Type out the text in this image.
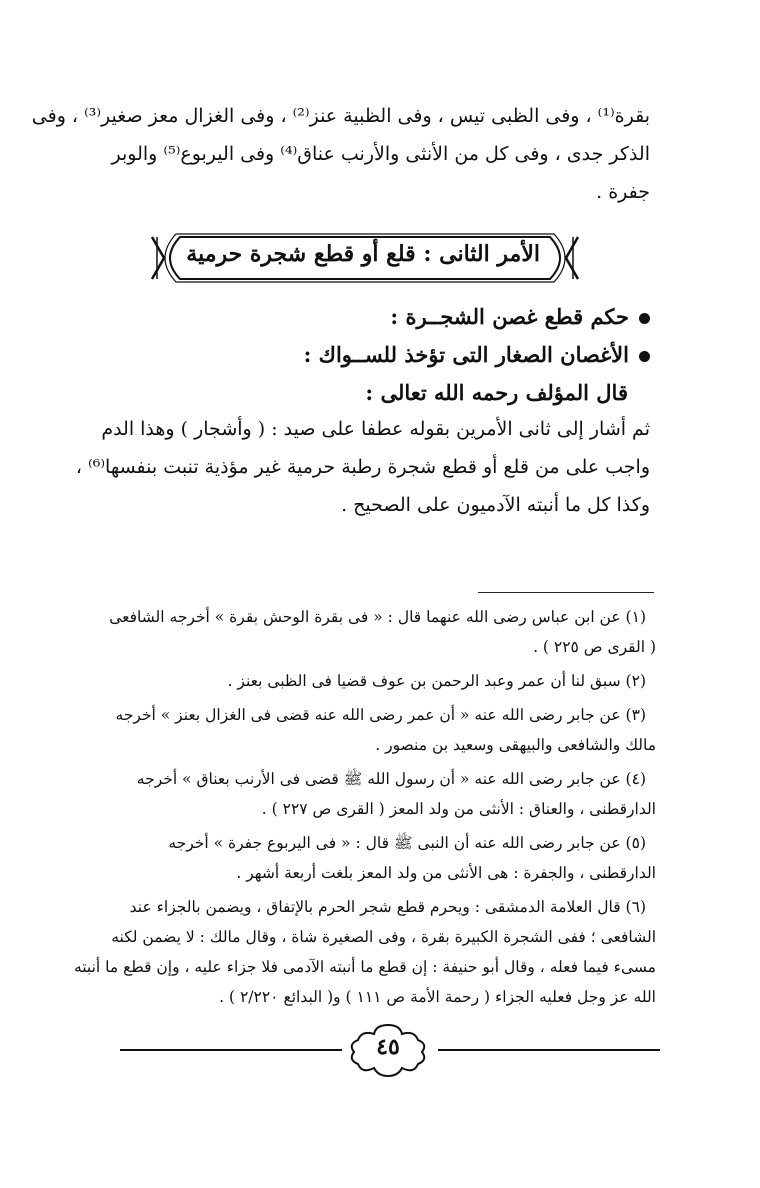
بقرة⁽¹⁾ ، وفى الظبى تيس ، وفى الظبية عنز⁽²⁾ ، وفى الغزال معز صغير⁽³⁾ ، وفى
الذكر جدى ، وفى كل من الأنثى والأرنب عناق⁽⁴⁾ وفى اليربوع⁽⁵⁾ والوبر
جفرة .

الأمر الثانى : قلع أو قطع شجرة حرمية
حكم قطع غصن الشجــرة :
الأغصان الصغار التى تؤخذ للســواك :
قال المؤلف رحمه الله تعالى :

ثم أشار إلى ثانى الأمرين بقوله عطفا على صيد : ( وأشجار ) وهذا الدم
واجب على من قلع أو قطع شجرة رطبة حرمية غير مؤذية تنبت بنفسها⁽⁶⁾ ،
وكذا كل ما أنبته الآدميون على الصحيح .

(١) عن ابن عباس رضى الله عنهما قال : « فى بقرة الوحش بقرة » أخرجه الشافعى
( القرى ص ٢٢٥ ) .
(٢) سبق لنا أن عمر وعبد الرحمن بن عوف قضيا فى الظبى بعنز .
(٣) عن جابر رضى الله عنه « أن عمر رضى الله عنه قضى فى الغزال بعنز » أخرجه
مالك والشافعى والبيهقى وسعيد بن منصور .
(٤) عن جابر رضى الله عنه « أن رسول الله ﷺ قضى فى الأرنب بعناق » أخرجه
الدارقطنى ، والعناق : الأنثى من ولد المعز ( القرى ص ٢٢٧ ) .
(٥) عن جابر رضى الله عنه أن النبى ﷺ قال : « فى اليربوع جفرة » أخرجه
الدارقطنى ، والجفرة : هى الأنثى من ولد المعز بلغت أربعة أشهر .
(٦) قال العلامة الدمشقى : ويحرم قطع شجر الحرم بالإتفاق ، ويضمن بالجزاء عند
الشافعى ؛ ففى الشجرة الكبيرة بقرة ، وفى الصغيرة شاة ، وقال مالك : لا يضمن لكنه
مسىء فيما فعله ، وقال أبو حنيفة : إن قطع ما أنبته الآدمى فلا جزاء عليه ، وإن قطع ما أنبته
الله عز وجل فعليه الجزاء ( رحمة الأمة ص ١١١ ) و( البدائع ٢/٢٢٠ ) .
٤٥
